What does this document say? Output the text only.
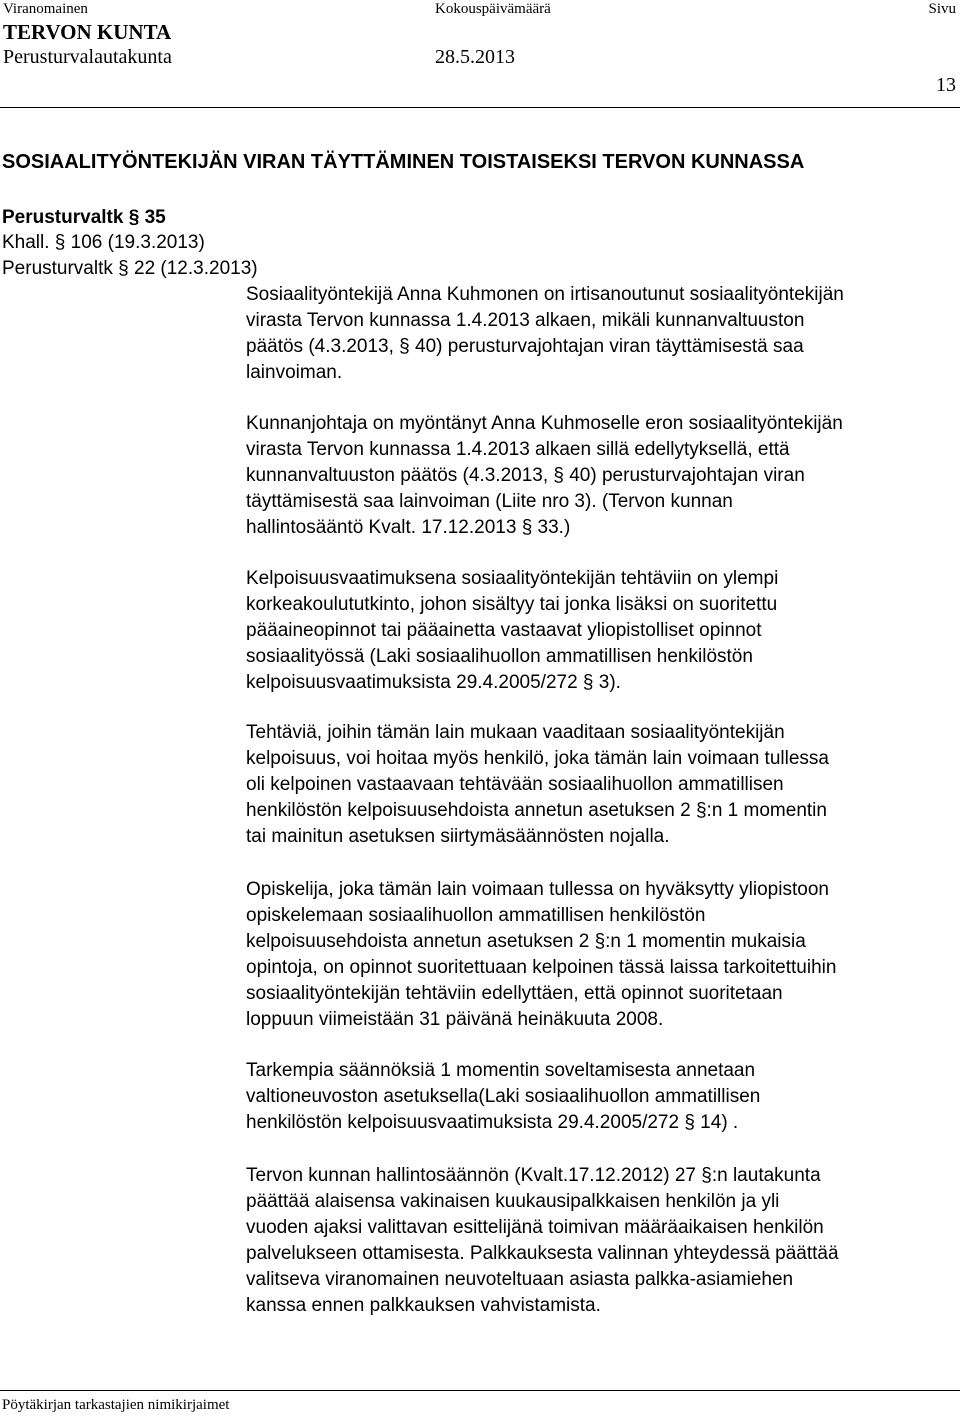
Viranomainen	Kokouspäivämäärä	Sivu
TERVON KUNTA
Perusturvalautakunta	28.5.2013
13
SOSIAALITYÖNTEKIJÄN VIRAN TÄYTTÄMINEN TOISTAISEKSI TERVON KUNNASSA
Perusturvaltk § 35
Khall. § 106 (19.3.2013)
Perusturvaltk § 22 (12.3.2013)
Sosiaalityöntekijä Anna Kuhmonen on irtisanoutunut sosiaalityöntekijän
virasta Tervon kunnassa 1.4.2013 alkaen, mikäli kunnanvaltuuston
päätös (4.3.2013, § 40) perusturvajohtajan viran täyttämisestä saa
lainvoiman.
Kunnanjohtaja on myöntänyt Anna Kuhmoselle eron sosiaalityöntekijän
virasta Tervon kunnassa 1.4.2013 alkaen sillä edellytyksellä, että
kunnanvaltuuston päätös (4.3.2013, § 40) perusturvajohtajan viran
täyttämisestä saa lainvoiman (Liite nro 3). (Tervon kunnan
hallintosääntö Kvalt. 17.12.2013 § 33.)
Kelpoisuusvaatimuksena sosiaalityöntekijän tehtäviin on ylempi
korkeakoulututkinto, johon sisältyy tai jonka lisäksi on suoritettu
pääaineopinnot tai pääainetta vastaavat yliopistolliset opinnot
sosiaalityössä (Laki sosiaalihuollon ammatillisen henkilöstön
kelpoisuusvaatimuksista 29.4.2005/272 § 3).
Tehtäviä, joihin tämän lain mukaan vaaditaan sosiaalityöntekijän
kelpoisuus, voi hoitaa myös henkilö, joka tämän lain voimaan tullessa
oli kelpoinen vastaavaan tehtävään sosiaalihuollon ammatillisen
henkilöstön kelpoisuusehdoista annetun asetuksen 2 §:n 1 momentin
tai mainitun asetuksen siirtymäsäännösten nojalla.
Opiskelija, joka tämän lain voimaan tullessa on hyväksytty yliopistoon
opiskelemaan sosiaalihuollon ammatillisen henkilöstön
kelpoisuusehdoista annetun asetuksen 2 §:n 1 momentin mukaisia
opintoja, on opinnot suoritettuaan kelpoinen tässä laissa tarkoitettuihin
sosiaalityöntekijän tehtäviin edellyttäen, että opinnot suoritetaan
loppuun viimeistään 31 päivänä heinäkuuta 2008.
Tarkempia säännöksiä 1 momentin soveltamisesta annetaan
valtioneuvoston asetuksella(Laki sosiaalihuollon ammatillisen
henkilöstön kelpoisuusvaatimuksista 29.4.2005/272 § 14) .
Tervon kunnan hallintosäännön (Kvalt.17.12.2012) 27 §:n lautakunta
päättää alaisensa vakinaisen kuukausipalkkaisen henkilön ja yli
vuoden ajaksi valittavan esittelijänä toimivan määräaikaisen henkilön
palvelukseen ottamisesta. Palkkauksesta valinnan yhteydessä päättää
valitseva viranomainen neuvoteltuaan asiasta palkka-asiamiehen
kanssa ennen palkkauksen vahvistamista.
Pöytäkirjan tarkastajien nimikirjaimet
